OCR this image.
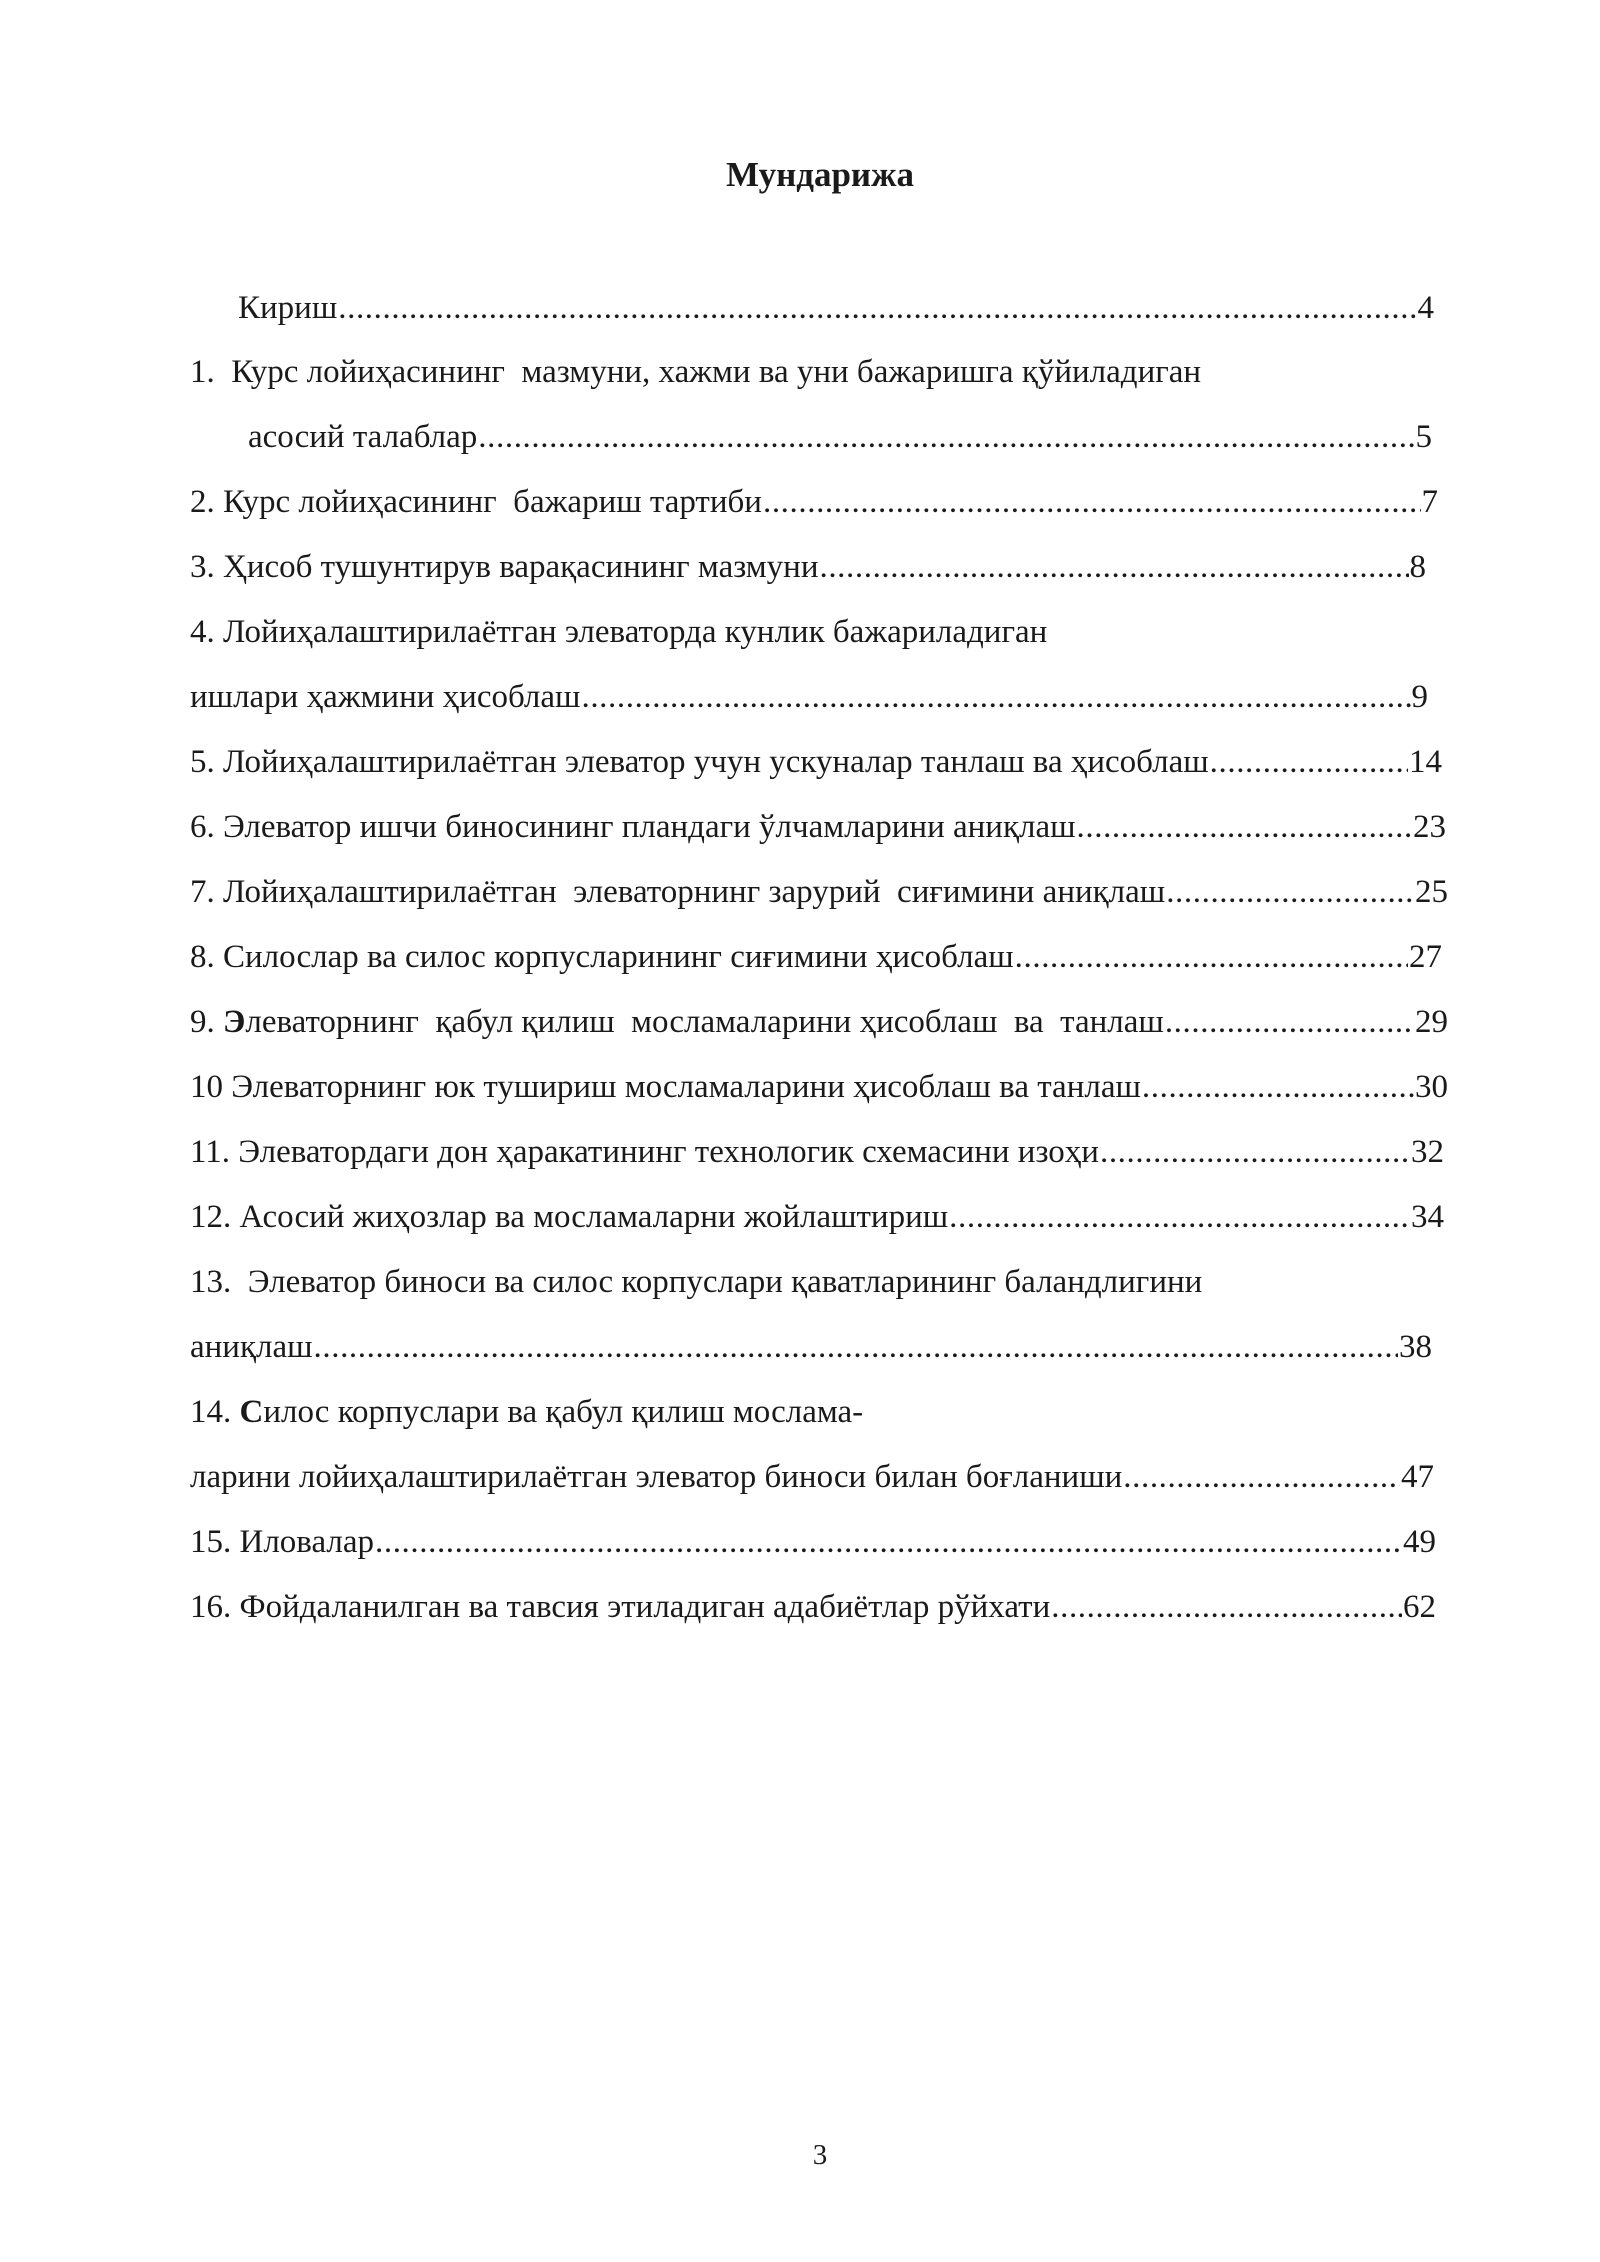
Мундарижа
Кириш .....	4
1.  Курс лойиҳасининг  мазмуни, хажми ва уни бажаришга қўйиладиган
асосий талаблар .....	5
2. Курс лойиҳасининг  бажариш тартиби .....	7
3. Ҳисоб тушунтирув варақасининг мазмуни .....	8
4. Лойиҳалаштирилаётган элеваторда кунлик бажариладиган
ишлари ҳажмини ҳисоблаш .....	9
5. Лойиҳалаштирилаётган элеватор учун ускуналар танлаш ва ҳисоблаш .....	14
6. Элеватор ишчи биносининг пландаги ўлчамларини аниқлаш .....	23
7. Лойиҳалаштирилаётган  элеваторнинг зарурий  сиғимини аниқлаш .....	25
8. Силослар ва силос корпусларининг сиғимини ҳисоблаш .....	27
9. Элеваторнинг  қабул қилиш  мосламаларини ҳисоблаш  ва  танлаш .....	29
10 Элеваторнинг юк тушириш мосламаларини ҳисоблаш ва танлаш .....	30
11. Элеватордаги дон ҳаракатининг технологик схемасини изоҳи .....	32
12. Асосий жиҳозлар ва мосламаларни жойлаштириш .....	34
13.  Элеватор биноси ва силос корпуслари қаватларининг баландлигини
аниқлаш .....	38
14. Силос корпуслари ва қабул қилиш мослама-
ларини лойиҳалаштирилаётган элеватор биноси билан боғланиши .....	47
15. Иловалар .....	49
16. Фойдаланилган ва тавсия этиладиган адабиётлар рўйхати .....	62
3
